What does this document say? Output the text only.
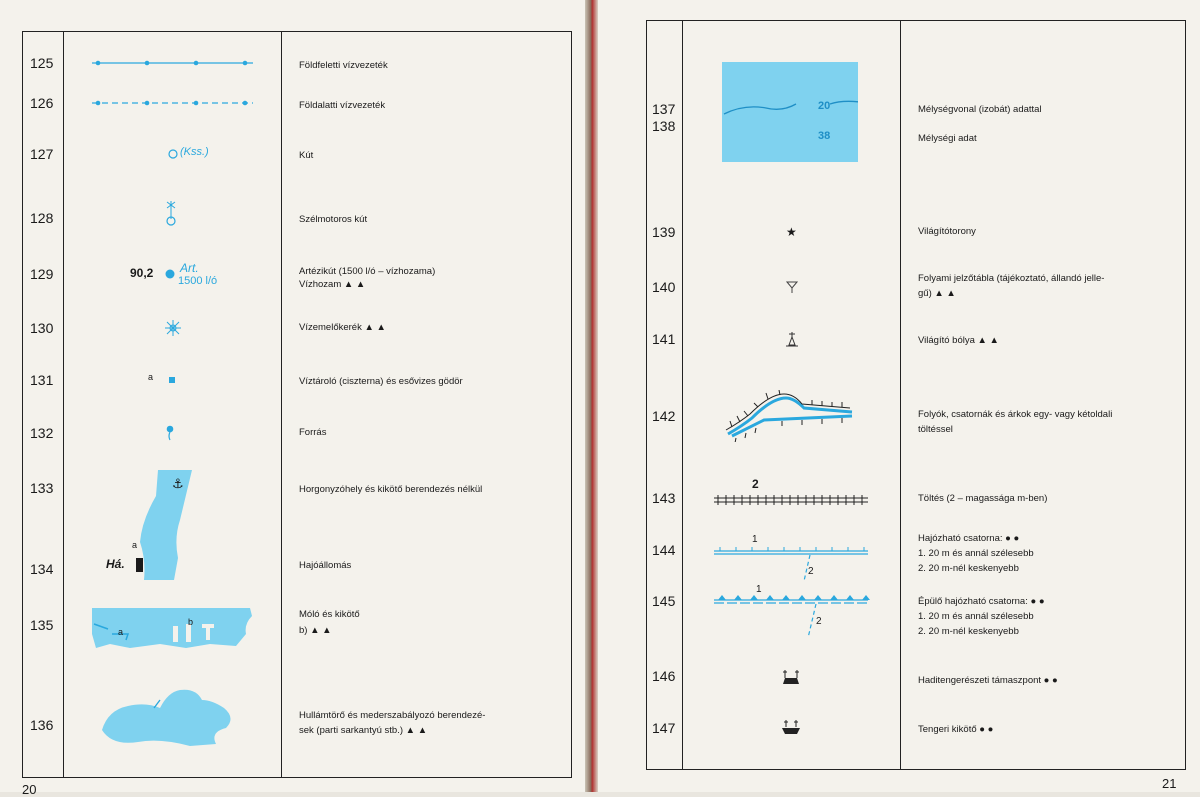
125
126
127
128
129
130
131
132
133
134
135
136
Földfeletti vízvezeték
Földalatti vízvezeték
Kút
Szélmotoros kút
Artézikút (1500 l/ó – vízhozama)
Vízhozam ▲ ▲
Vízemelőkerék ▲ ▲
Víztároló (ciszterna) és esővizes gödör
Forrás
Horgonyzóhely és kikötő berendezés nélkül
Hajóállomás
Móló és kikötő
b) ▲ ▲
Hullámtörő és mederszabályozó berendezé-
sek (parti sarkantyú stb.) ▲ ▲
(Kss.)
90,2 Art.
1500 l/ó
a
⚓
a
Há.
a
b
20
137
138
139
140
141
142
143
144
145
146
147
Mélységvonal (izobát) adattal
Mélységi adat
Világítótorony
Folyami jelzőtábla (tájékoztató, állandó jelle-
gű) ▲ ▲
Világító bólya ▲ ▲
Folyók, csatornák és árkok egy- vagy kétoldali
töltéssel
Töltés (2 – magassága m-ben)
Hajózható csatorna: ● ●
1. 20 m és annál szélesebb
2. 20 m-nél keskenyebb
Épülő hajózható csatorna: ● ●
1. 20 m és annál szélesebb
2. 20 m-nél keskenyebb
Haditengerészeti támaszpont ● ●
Tengeri kikötő ● ●
20
38
★
2
1
2
1
2
21
